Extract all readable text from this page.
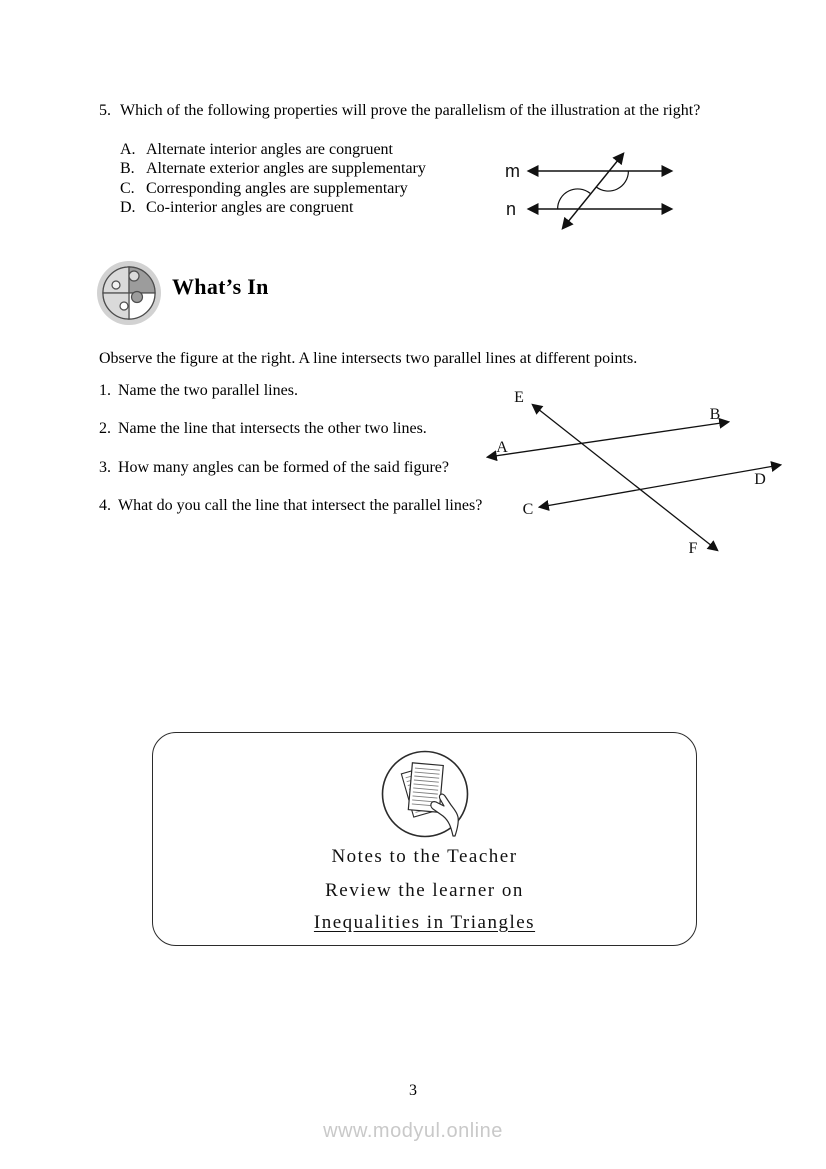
5. Which of the following properties will prove the parallelism of the illustration at the right?
A. Alternate interior angles are congruent
B. Alternate exterior angles are supplementary
C. Corresponding angles are supplementary
D. Co-interior angles are congruent
m
n
What’s In
Observe the figure at the right. A line intersects two parallel lines at different points.
1. Name the two parallel lines.
2. Name the line that intersects the other two lines.
3. How many angles can be formed of the said figure?
4. What do you call the line that intersect the parallel lines?
E
B
A
D
C
F
Notes to the Teacher
Review the learner on
Inequalities in Triangles
3
www.modyul.online
